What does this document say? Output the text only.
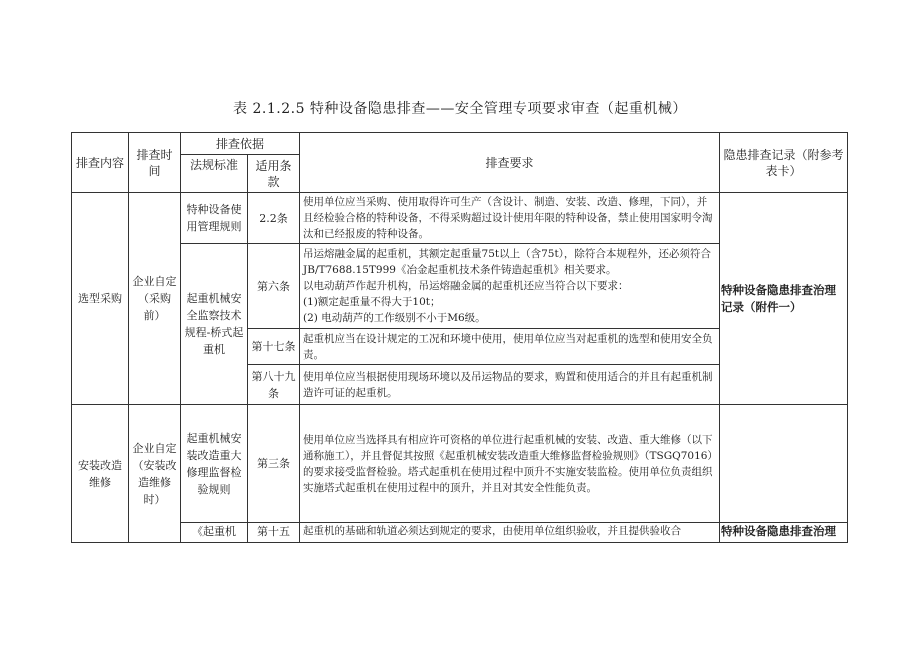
表 2.1.2.5 特种设备隐患排查——安全管理专项要求审查（起重机械）
排查内容	排查时间	排查依据		排查要求	隐患排查记录（附参考表卡）

		法规标准	适用条款		
选型采购	企业自定（采购前）	特种设备使用管理规则	2.2条	使用单位应当采购、使用取得许可生产（含设计、制造、安装、改造、修理，下同），并且经检验合格的特种设备，不得采购超过设计使用年限的特种设备，禁止使用国家明令淘汰和已经报废的特种设备。	特种设备隐患排查治理记录（附件一）
		起重机械安全监察技术规程-桥式起重机	第六条	吊运熔融金属的起重机，其额定起重量75t以上（含75t），除符合本规程外，还必须符合JB/T7688.15T999《冶金起重机技术条件铸造起重机》相关要求。
以电动葫芦作起升机构，吊运熔融金属的起重机还应当符合以下要求：
(1)额定起重量不得大于10t；
(2) 电动葫芦的工作级别不小于M6级。	

			第十七条	起重机应当在设计规定的工况和环境中使用，使用单位应当对起重机的选型和使用安全负责。	
			第八十九条	使用单位应当根据使用现场环境以及吊运物品的要求，购置和使用适合的并且有起重机制造许可证的起重机。	
安装改造维修	企业自定（安装改造维修时）	起重机械安装改造重大修理监督检验规则	第三条	使用单位应当选择具有相应许可资格的单位进行起重机械的安装、改造、重大维修（以下通称施工），并且督促其按照《起重机械安装改造重大维修监督检验规则》（TSGQ7016）的要求接受监督检验。塔式起重机在使用过程中顶升不实施安装监检。使用单位负责组织实施塔式起重机在使用过程中的顶升，并且对其安全性能负责。	

		《起重机	第十五	起重机的基础和轨道必须达到规定的要求，由使用单位组织验收，并且提供验收合	特种设备隐患排查治理
